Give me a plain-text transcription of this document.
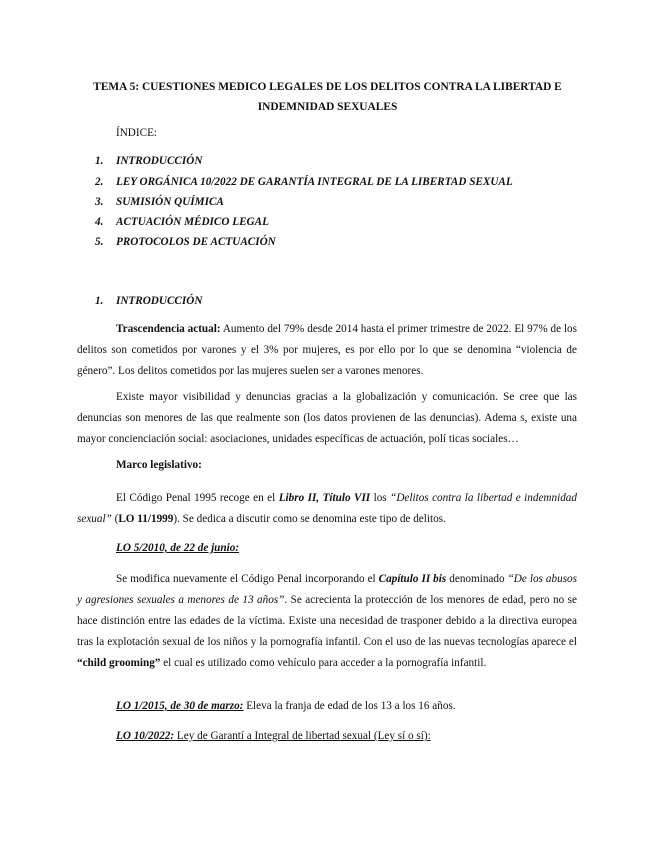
TEMA 5: CUESTIONES MEDICO LEGALES DE LOS DELITOS CONTRA LA LIBERTAD E INDEMNIDAD SEXUALES
ÍNDICE:
1. INTRODUCCIÓN
2. LEY ORGÁNICA 10/2022 DE GARANTÍA INTEGRAL DE LA LIBERTAD SEXUAL
3. SUMISIÓN QUÍMICA
4. ACTUACIÓN MÉDICO LEGAL
5. PROTOCOLOS DE ACTUACIÓN
1. INTRODUCCIÓN

Trascendencia actual: Aumento del 79% desde 2014 hasta el primer trimestre de 2022. El 97% de los delitos son cometidos por varones y el 3% por mujeres, es por ello por lo que se denomina “violencia de género”. Los delitos cometidos por las mujeres suelen ser a varones menores.

Existe mayor visibilidad y denuncias gracias a la globalización y comunicación. Se cree que las denuncias son menores de las que realmente son (los datos provienen de las denuncias). Adema s, existe una mayor concienciación social: asociaciones, unidades específicas de actuación, polí ticas sociales…

Marco legislativo:

El Código Penal 1995 recoge en el Libro II, Título VII los “Delitos contra la libertad e indemnidad sexual” (LO 11/1999). Se dedica a discutir como se denomina este tipo de delitos.

LO 5/2010, de 22 de junio:

Se modifica nuevamente el Código Penal incorporando el Capítulo II bis denominado “De los abusos y agresiones sexuales a menores de 13 años”. Se acrecienta la protección de los menores de edad, pero no se hace distinción entre las edades de la víctima. Existe una necesidad de trasponer debido a la directiva europea tras la explotación sexual de los niños y la pornografía infantil. Con el uso de las nuevas tecnologías aparece el “child grooming” el cual es utilizado como vehículo para acceder a la pornografía infantil.

LO 1/2015, de 30 de marzo: Eleva la franja de edad de los 13 a los 16 años.
LO 10/2022: Ley de Garantí a Integral de libertad sexual (Ley sí o sí):
